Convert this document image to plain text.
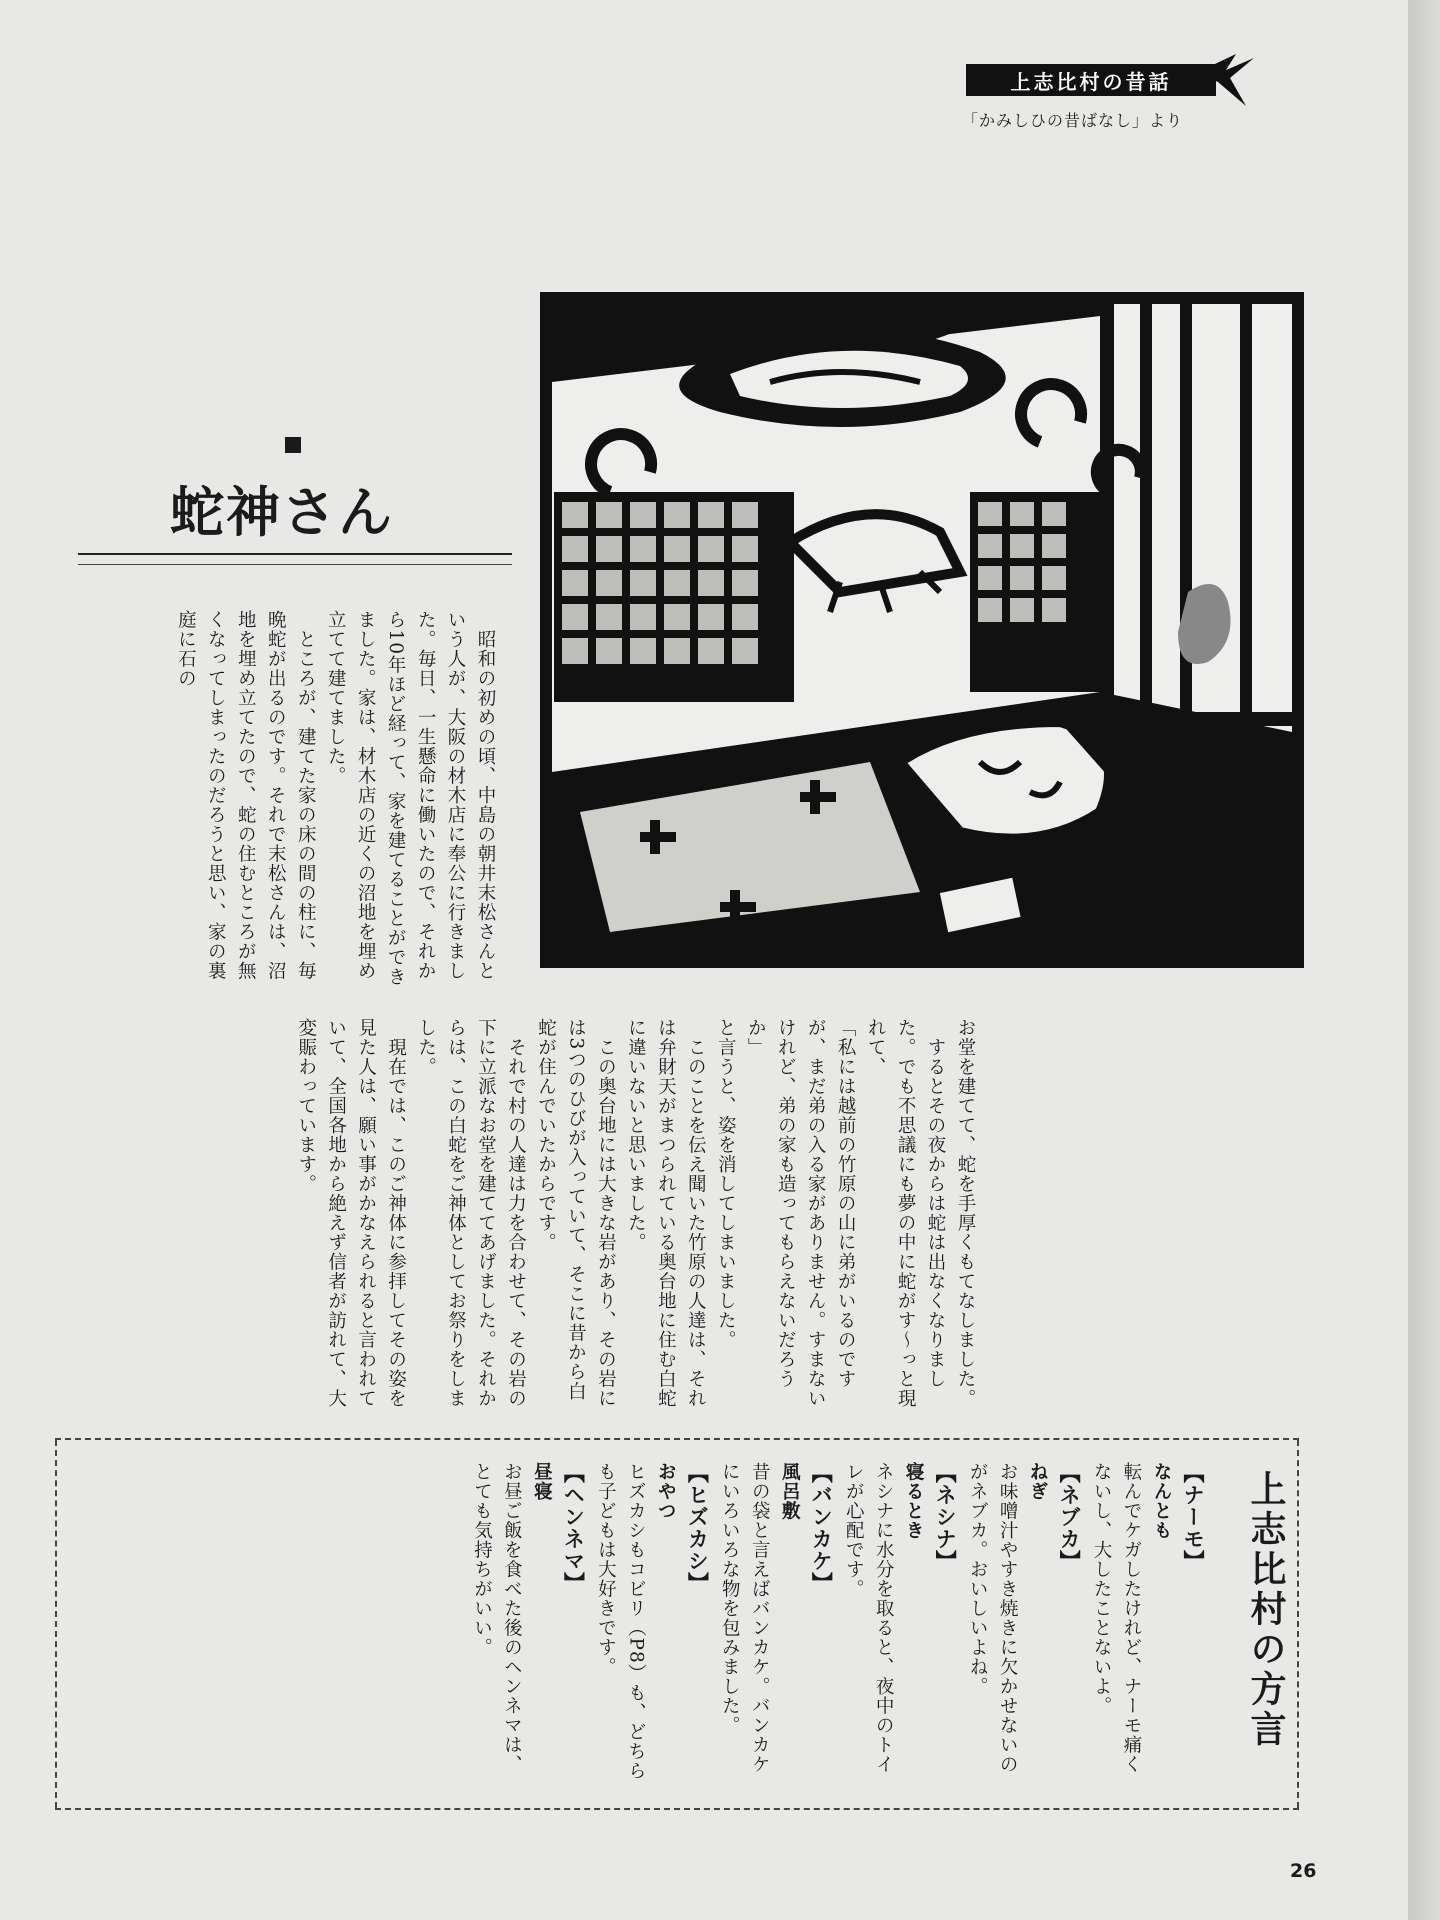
上志比村の昔話
「かみしひの昔ばなし」より
蛇神さん
　昭和の初めの頃、中島の朝井末松さんという人が、大阪の材木店に奉公に行きました。毎日、一生懸命に働いたので、それから10年ほど経って、家を建てることができました。家は、材木店の近くの沼地を埋め立てて建てました。
　ところが、建てた家の床の間の柱に、毎晩蛇が出るのです。それで末松さんは、沼地を埋め立てたので、蛇の住むところが無くなってしまったのだろうと思い、家の裏庭に石の
お堂を建てて、蛇を手厚くもてなしました。
　するとその夜からは蛇は出なくなりました。でも不思議にも夢の中に蛇がす～っと現れて、
「私には越前の竹原の山に弟がいるのですが、まだ弟の入る家がありません。すまないけれど、弟の家も造ってもらえないだろうか」
と言うと、姿を消してしまいました。
　このことを伝え聞いた竹原の人達は、それは弁財天がまつられている奥台地に住む白蛇に違いないと思いました。
　この奥台地には大きな岩があり、その岩には3つのひびが入っていて、そこに昔から白蛇が住んでいたからです。
　それで村の人達は力を合わせて、その岩の下に立派なお堂を建ててあげました。それからは、この白蛇をご神体としてお祭りをしました。
　現在では、このご神体に参拝してその姿を見た人は、願い事がかなえられると言われていて、全国各地から絶えず信者が訪れて、大変賑わっています。
上志比村の方言
【ナーモ】
なんとも
転んでケガしたけれど、ナーモ痛くないし、大したことないよ。
【ネブカ】
ねぎ
お味噌汁やすき焼きに欠かせないのがネブカ。おいしいよね。
【ネシナ】
寝るとき
ネシナに水分を取ると、夜中のトイレが心配です。
【バンカケ】
風呂敷
昔の袋と言えばバンカケ。バンカケにいろいろな物を包みました。
【ヒズカシ】
おやつ
ヒズカシもコビリ（P8）も、どちらも子どもは大好きです。
【ヘンネマ】
昼寝
お昼ご飯を食べた後のヘンネマは、とても気持ちがいい。
26
